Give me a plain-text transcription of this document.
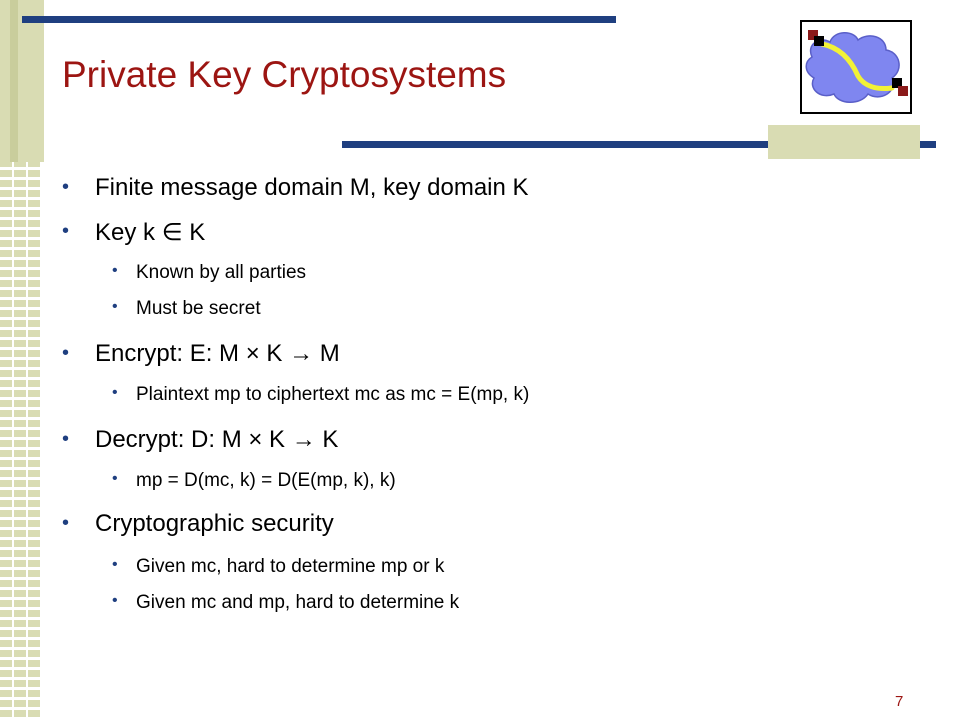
Private Key Cryptosystems
• Finite message domain M, key domain K
• Key k ∈ K
• Known by all parties
• Must be secret
• Encrypt: E: M × K → M
• Plaintext mp to ciphertext mc as mc = E(mp, k)
• Decrypt: D: M × K → K
• mp = D(mc, k) = D(E(mp, k), k)
• Cryptographic security
• Given mc, hard to determine mp or k
• Given mc and mp, hard to determine k
7
